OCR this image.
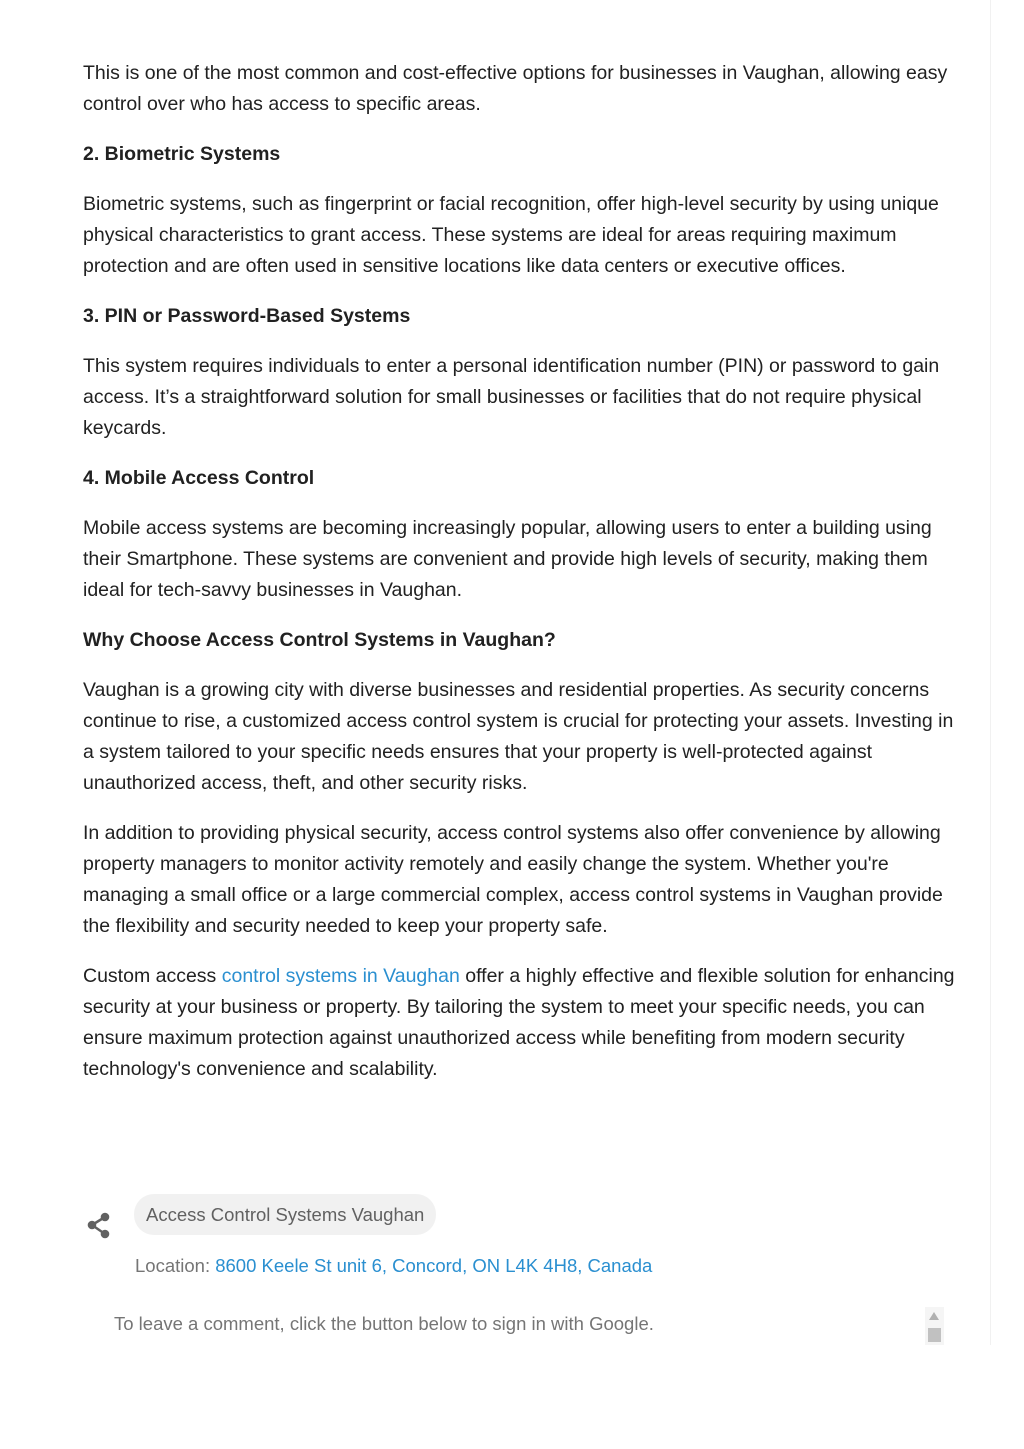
This is one of the most common and cost-effective options for businesses in Vaughan, allowing easy control over who has access to specific areas.

2. Biometric Systems

Biometric systems, such as fingerprint or facial recognition, offer high-level security by using unique physical characteristics to grant access. These systems are ideal for areas requiring maximum protection and are often used in sensitive locations like data centers or executive offices.

3. PIN or Password-Based Systems

This system requires individuals to enter a personal identification number (PIN) or password to gain access. It’s a straightforward solution for small businesses or facilities that do not require physical keycards.

4. Mobile Access Control

Mobile access systems are becoming increasingly popular, allowing users to enter a building using their Smartphone. These systems are convenient and provide high levels of security, making them ideal for tech-savvy businesses in Vaughan.

Why Choose Access Control Systems in Vaughan?

Vaughan is a growing city with diverse businesses and residential properties. As security concerns continue to rise, a customized access control system is crucial for protecting your assets. Investing in a system tailored to your specific needs ensures that your property is well-protected against unauthorized access, theft, and other security risks.

In addition to providing physical security, access control systems also offer convenience by allowing property managers to monitor activity remotely and easily change the system. Whether you're managing a small office or a large commercial complex, access control systems in Vaughan provide the flexibility and security needed to keep your property safe.

Custom access control systems in Vaughan offer a highly effective and flexible solution for enhancing security at your business or property. By tailoring the system to meet your specific needs, you can ensure maximum protection against unauthorized access while benefiting from modern security technology's convenience and scalability.

Access Control Systems Vaughan
Location: 8600 Keele St unit 6, Concord, ON L4K 4H8, Canada
To leave a comment, click the button below to sign in with Google.
